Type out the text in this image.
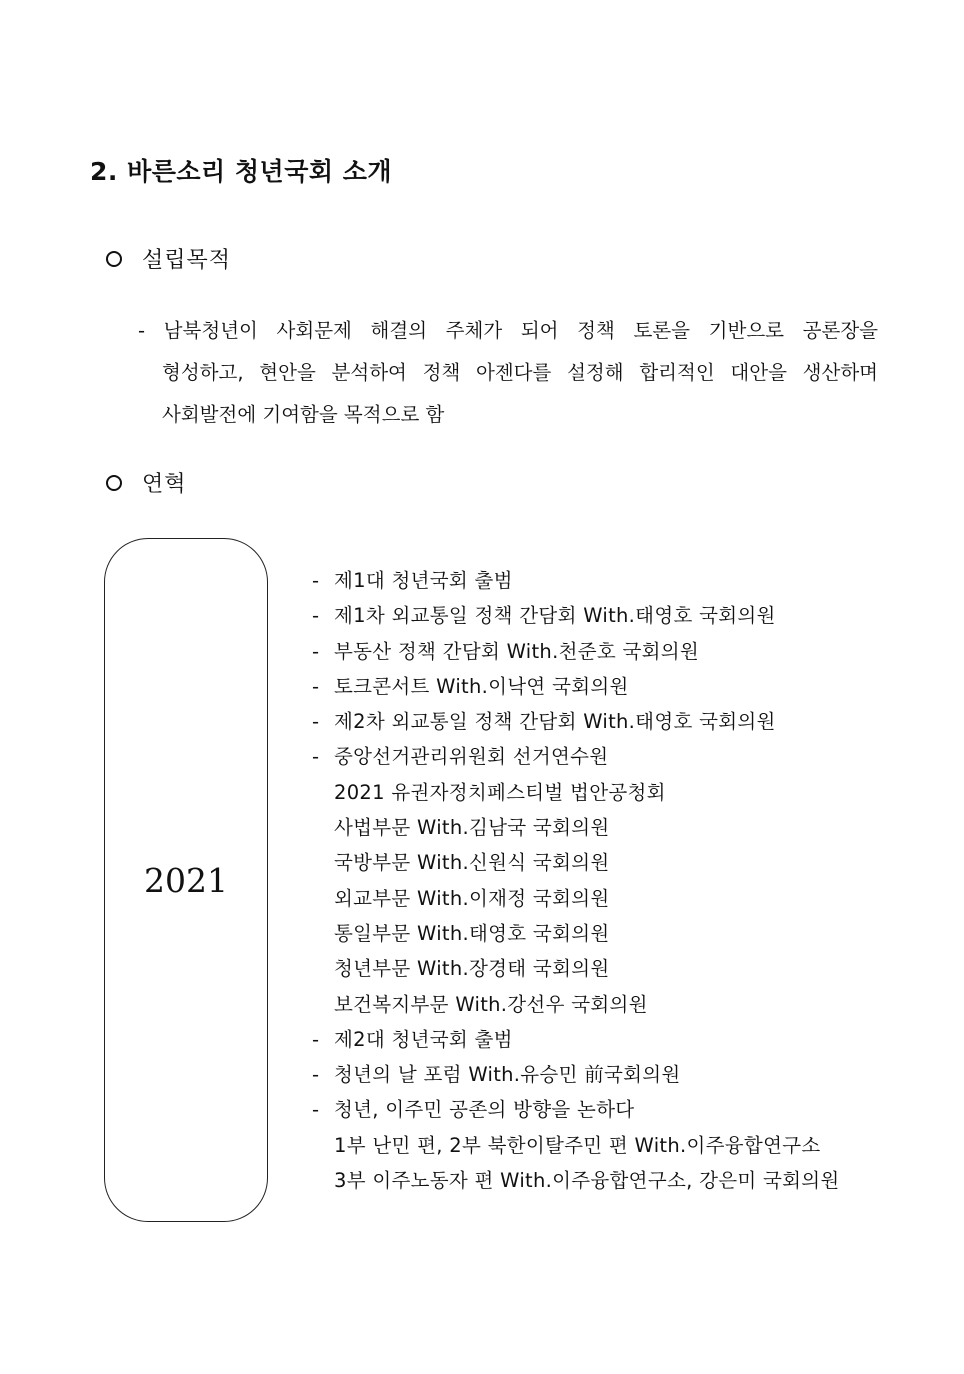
2. 바른소리 청년국회 소개
설립목적
- 남북청년이 사회문제 해결의 주체가 되어 정책 토론을 기반으로 공론장을
형성하고, 현안을 분석하여 정책 아젠다를 설정해 합리적인 대안을 생산하며
사회발전에 기여함을 목적으로 함
연혁
2021
- 제1대 청년국회 출범
- 제1차 외교통일 정책 간담회 With.태영호 국회의원
- 부동산 정책 간담회 With.천준호 국회의원
- 토크콘서트 With.이낙연 국회의원
- 제2차 외교통일 정책 간담회 With.태영호 국회의원
- 중앙선거관리위원회 선거연수원
2021 유권자정치페스티벌 법안공청회
사법부문 With.김남국 국회의원
국방부문 With.신원식 국회의원
외교부문 With.이재정 국회의원
통일부문 With.태영호 국회의원
청년부문 With.장경태 국회의원
보건복지부문 With.강선우 국회의원
- 제2대 청년국회 출범
- 청년의 날 포럼 With.유승민 前국회의원
- 청년, 이주민 공존의 방향을 논하다
1부 난민 편, 2부 북한이탈주민 편 With.이주융합연구소
3부 이주노동자 편 With.이주융합연구소, 강은미 국회의원
